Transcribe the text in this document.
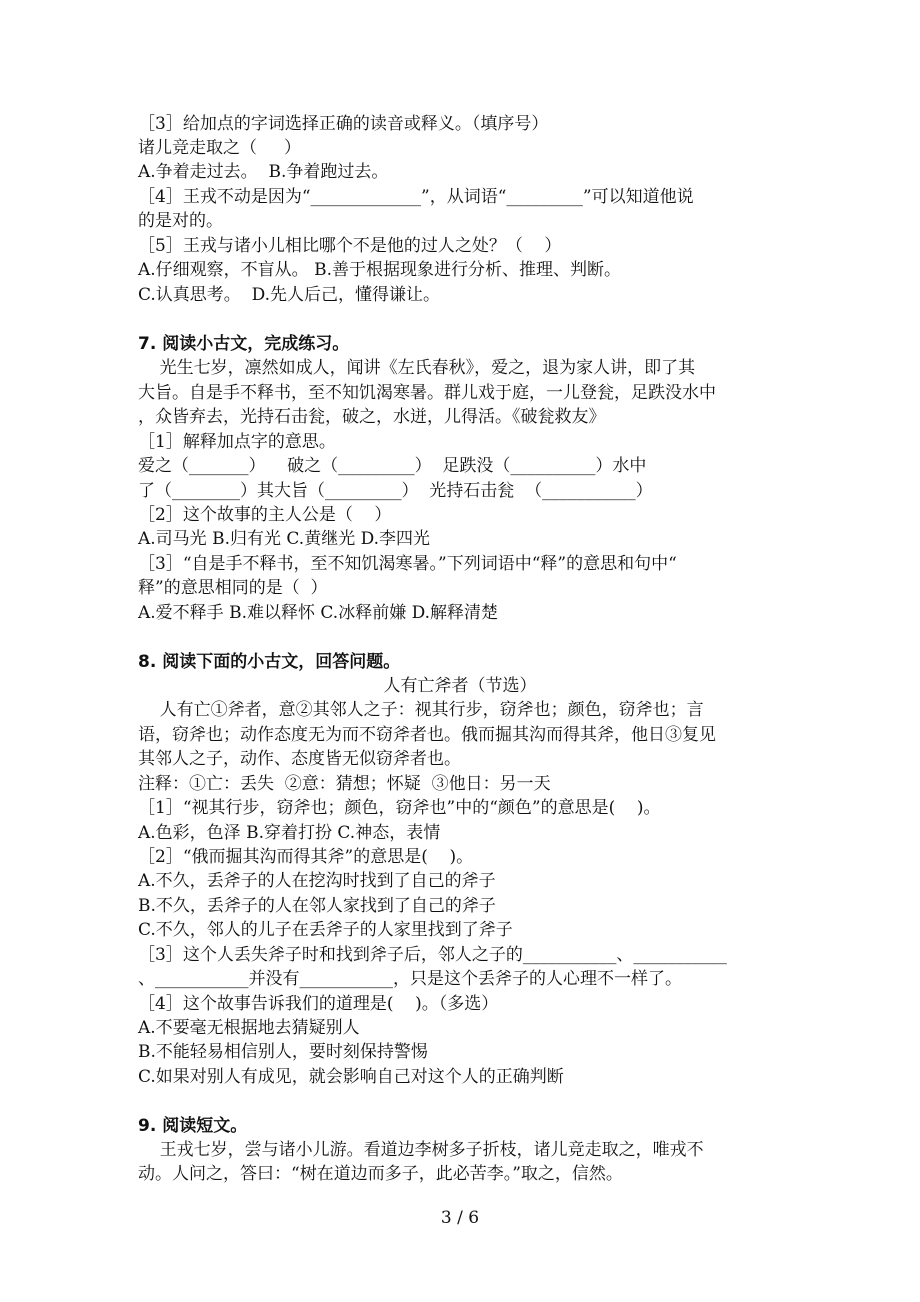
［3］给加点的字词选择正确的读音或释义。（填序号）
诸儿竞走取之（     ）
A.争着走过去。  B.争着跑过去。
［4］王戎不动是因为“_____________”，从词语“_________”可以知道他说
的是对的。
［5］王戎与诸小儿相比哪个不是他的过人之处？（    ）
A.仔细观察，不盲从。 B.善于根据现象进行分析、推理、判断。
C.认真思考。  D.先人后己，懂得谦让。
7. 阅读小古文，完成练习。
光生七岁，凛然如成人，闻讲《左氏春秋》，爱之，退为家人讲，即了其
大旨。自是手不释书，至不知饥渴寒暑。群儿戏于庭，一儿登瓮，足跌没水中
，众皆弃去，光持石击瓮，破之，水迸，儿得活。《破瓮救友》
［1］解释加点字的意思。
爱之（_______）    破之（_________）  足跌没（__________）水中
了（________）其大旨（_________）  光持石击瓮  （___________）
［2］这个故事的主人公是（    ）
A.司马光 B.归有光 C.黄继光 D.李四光
［3］“自是手不释书，至不知饥渴寒暑。”下列词语中“释”的意思和句中“
释”的意思相同的是（  ）
A.爱不释手 B.难以释怀 C.冰释前嫌 D.解释清楚
8. 阅读下面的小古文，回答问题。
人有亡斧者（节选）
人有亡①斧者，意②其邻人之子：视其行步，窃斧也；颜色，窃斧也；言
语，窃斧也；动作态度无为而不窃斧者也。俄而掘其沟而得其斧，他日③复见
其邻人之子，动作、态度皆无似窃斧者也。
注释：①亡：丢失  ②意：猜想；怀疑  ③他日：另一天
［1］“视其行步，窃斧也；颜色，窃斧也”中的“颜色”的意思是(    )。
A.色彩，色泽 B.穿着打扮 C.神态，表情
［2］“俄而掘其沟而得其斧”的意思是(    )。
A.不久，丢斧子的人在挖沟时找到了自己的斧子
B.不久，丢斧子的人在邻人家找到了自己的斧子
C.不久，邻人的儿子在丢斧子的人家里找到了斧子
［3］这个人丢失斧子时和找到斧子后，邻人之子的___________、___________
、___________并没有___________，只是这个丢斧子的人心理不一样了。
［4］这个故事告诉我们的道理是(    )。（多选）
A.不要毫无根据地去猜疑别人
B.不能轻易相信别人，要时刻保持警惕
C.如果对别人有成见，就会影响自己对这个人的正确判断
9. 阅读短文。
王戎七岁，尝与诸小儿游。看道边李树多子折枝，诸儿竞走取之，唯戎不
动。人问之，答曰：“树在道边而多子，此必苦李。”取之，信然。
3 / 6
